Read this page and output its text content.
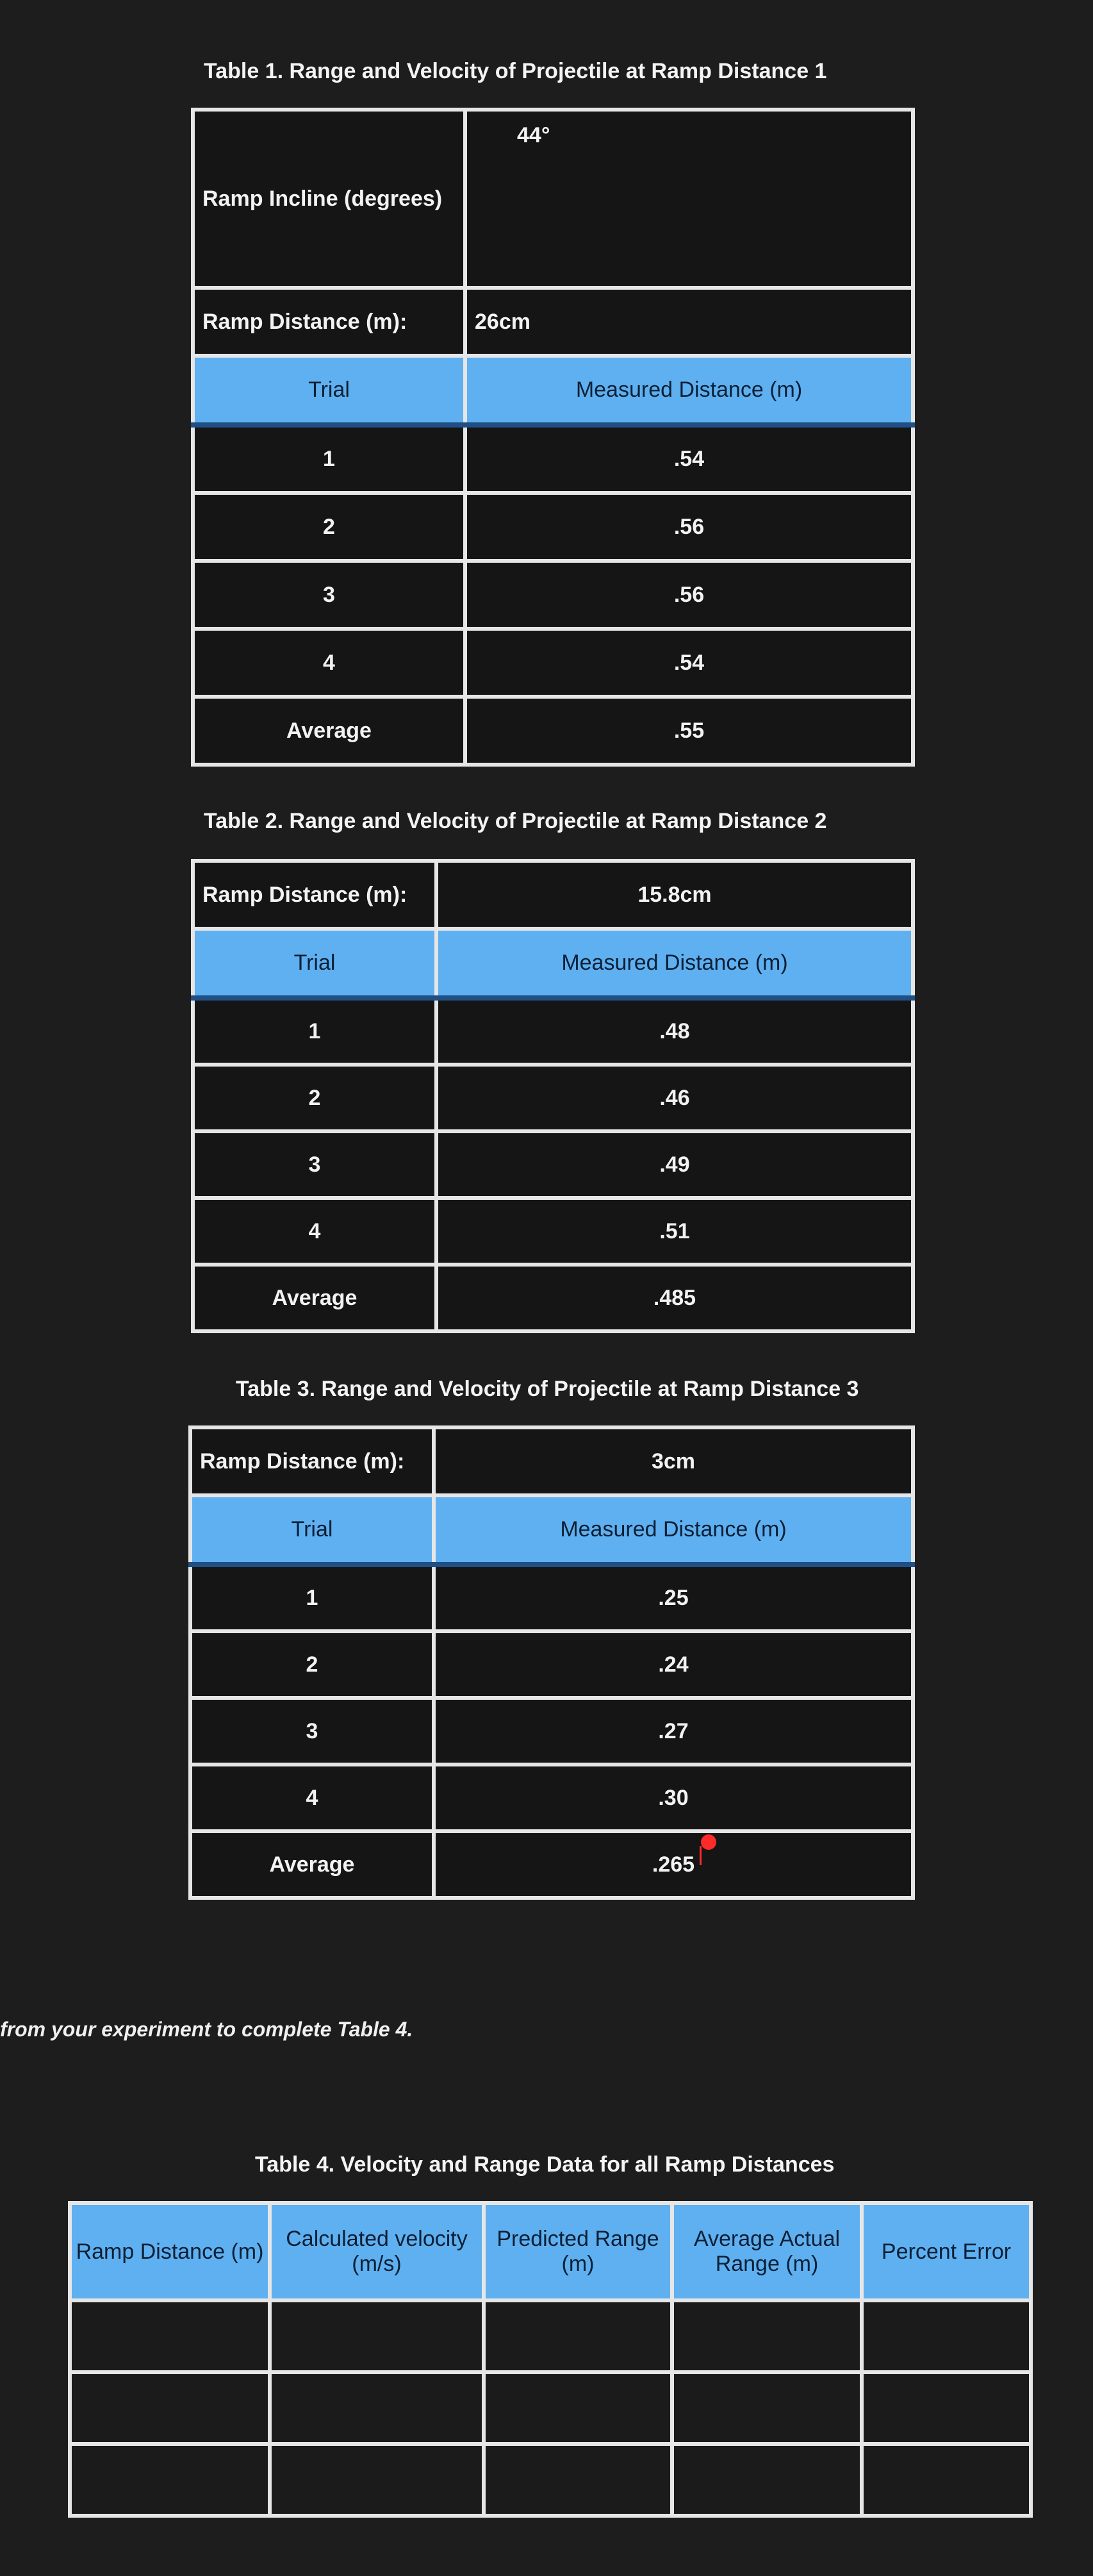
Table 1. Range and Velocity of Projectile at Ramp Distance 1
Ramp Incline (degrees)	44°
Ramp Distance (m):	26cm
Trial	Measured Distance (m)
1	.54
2	.56
3	.56
4	.54
Average	.55
Table 2. Range and Velocity of Projectile at Ramp Distance 2
Ramp Distance (m):	15.8cm
Trial	Measured Distance (m)
1	.48
2	.46
3	.49
4	.51
Average	.485
Table 3. Range and Velocity of Projectile at Ramp Distance 3
Ramp Distance (m):	3cm
Trial	Measured Distance (m)
1	.25
2	.24
3	.27
4	.30
Average	.265
from your experiment to complete Table 4.
Table 4. Velocity and Range Data for all Ramp Distances
Ramp Distance (m)	Calculated velocity (m/s)	Predicted Range (m)	Average Actual Range (m)	Percent Error
